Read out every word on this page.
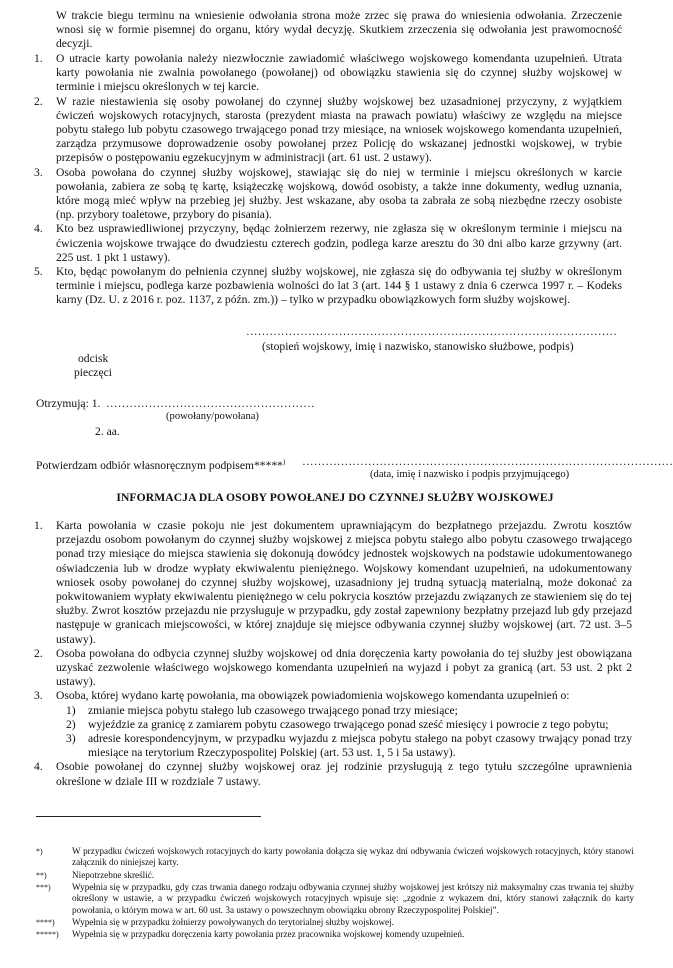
W trakcie biegu terminu na wniesienie odwołania strona może zrzec się prawa do wniesienia odwołania. Zrzeczenie wnosi się w formie pisemnej do organu, który wydał decyzję. Skutkiem zrzeczenia się odwołania jest prawomocność decyzji.
1. O utracie karty powołania należy niezwłocznie zawiadomić właściwego wojskowego komendanta uzupełnień. Utrata karty powołania nie zwalnia powołanego (powołanej) od obowiązku stawienia się do czynnej służby wojskowej w terminie i miejscu określonych w tej karcie.
2. W razie niestawienia się osoby powołanej do czynnej służby wojskowej bez uzasadnionej przyczyny, z wyjątkiem ćwiczeń wojskowych rotacyjnych, starosta (prezydent miasta na prawach powiatu) właściwy ze względu na miejsce pobytu stałego lub pobytu czasowego trwającego ponad trzy miesiące, na wniosek wojskowego komendanta uzupełnień, zarządza przymusowe doprowadzenie osoby powołanej przez Policję do wskazanej jednostki wojskowej, w trybie przepisów o postępowaniu egzekucyjnym w administracji (art. 61 ust. 2 ustawy).
3. Osoba powołana do czynnej służby wojskowej, stawiając się do niej w terminie i miejscu określonych w karcie powołania, zabiera ze sobą tę kartę, książeczkę wojskową, dowód osobisty, a także inne dokumenty, według uznania, które mogą mieć wpływ na przebieg jej służby. Jest wskazane, aby osoba ta zabrała ze sobą niezbędne rzeczy osobiste (np. przybory toaletowe, przybory do pisania).
4. Kto bez usprawiedliwionej przyczyny, będąc żołnierzem rezerwy, nie zgłasza się w określonym terminie i miejscu na ćwiczenia wojskowe trwające do dwudziestu czterech godzin, podlega karze aresztu do 30 dni albo karze grzywny (art. 225 ust. 1 pkt 1 ustawy).
5. Kto, będąc powołanym do pełnienia czynnej służby wojskowej, nie zgłasza się do odbywania tej służby w określonym terminie i miejscu, podlega karze pozbawienia wolności do lat 3 (art. 144 § 1 ustawy z dnia 6 czerwca 1997 r. – Kodeks karny (Dz. U. z 2016 r. poz. 1137, z późn. zm.)) – tylko w przypadku obowiązkowych form służby wojskowej.
……………………………………………………………………………………
(stopień wojskowy, imię i nazwisko, stanowisko służbowe, podpis)
odcisk
pieczęci
Otrzymują: 1. ………………………………………………
(powołany/powołana)
2. aa.
Potwierdzam odbiór własnoręcznym podpisem*****) ……………………………………………………………………………………
(data, imię i nazwisko i podpis przyjmującego)
INFORMACJA DLA OSOBY POWOŁANEJ DO CZYNNEJ SŁUŻBY WOJSKOWEJ
1. Karta powołania w czasie pokoju nie jest dokumentem uprawniającym do bezpłatnego przejazdu. Zwrotu kosztów przejazdu osobom powołanym do czynnej służby wojskowej z miejsca pobytu stałego albo pobytu czasowego trwającego ponad trzy miesiące do miejsca stawienia się dokonują dowódcy jednostek wojskowych na podstawie udokumentowanego oświadczenia lub w drodze wypłaty ekwiwalentu pieniężnego. Wojskowy komendant uzupełnień, na udokumentowany wniosek osoby powołanej do czynnej służby wojskowej, uzasadniony jej trudną sytuacją materialną, może dokonać za pokwitowaniem wypłaty ekwiwalentu pieniężnego w celu pokrycia kosztów przejazdu związanych ze stawieniem się do tej służby. Zwrot kosztów przejazdu nie przysługuje w przypadku, gdy został zapewniony bezpłatny przejazd lub gdy przejazd następuje w granicach miejscowości, w której znajduje się miejsce odbywania czynnej służby wojskowej (art. 72 ust. 3–5 ustawy).
2. Osoba powołana do odbycia czynnej służby wojskowej od dnia doręczenia karty powołania do tej służby jest obowiązana uzyskać zezwolenie właściwego wojskowego komendanta uzupełnień na wyjazd i pobyt za granicą (art. 53 ust. 2 pkt 2 ustawy).
3. Osoba, której wydano kartę powołania, ma obowiązek powiadomienia wojskowego komendanta uzupełnień o:
1) zmianie miejsca pobytu stałego lub czasowego trwającego ponad trzy miesiące;
2) wyjeździe za granicę z zamiarem pobytu czasowego trwającego ponad sześć miesięcy i powrocie z tego pobytu;
3) adresie korespondencyjnym, w przypadku wyjazdu z miejsca pobytu stałego na pobyt czasowy trwający ponad trzy miesiące na terytorium Rzeczypospolitej Polskiej (art. 53 ust. 1, 5 i 5a ustawy).
4. Osobie powołanej do czynnej służby wojskowej oraz jej rodzinie przysługują z tego tytułu szczególne uprawnienia określone w dziale III w rozdziale 7 ustawy.
*)	W przypadku ćwiczeń wojskowych rotacyjnych do karty powołania dołącza się wykaz dni odbywania ćwiczeń wojskowych rotacyjnych, który stanowi załącznik do niniejszej karty.
**)	Niepotrzebne skreślić.
***) Wypełnia się w przypadku, gdy czas trwania danego rodzaju odbywania czynnej służby wojskowej jest krótszy niż maksymalny czas trwania tej służby określony w ustawie, a w przypadku ćwiczeń wojskowych rotacyjnych wpisuje się: „zgodnie z wykazem dni, który stanowi załącznik do karty powołania, o którym mowa w art. 60 ust. 3a ustawy o powszechnym obowiązku obrony Rzeczypospolitej Polskiej”.
****) Wypełnia się w przypadku żołnierzy powoływanych do terytorialnej służby wojskowej.
*****) Wypełnia się w przypadku doręczenia karty powołania przez pracownika wojskowej komendy uzupełnień.
